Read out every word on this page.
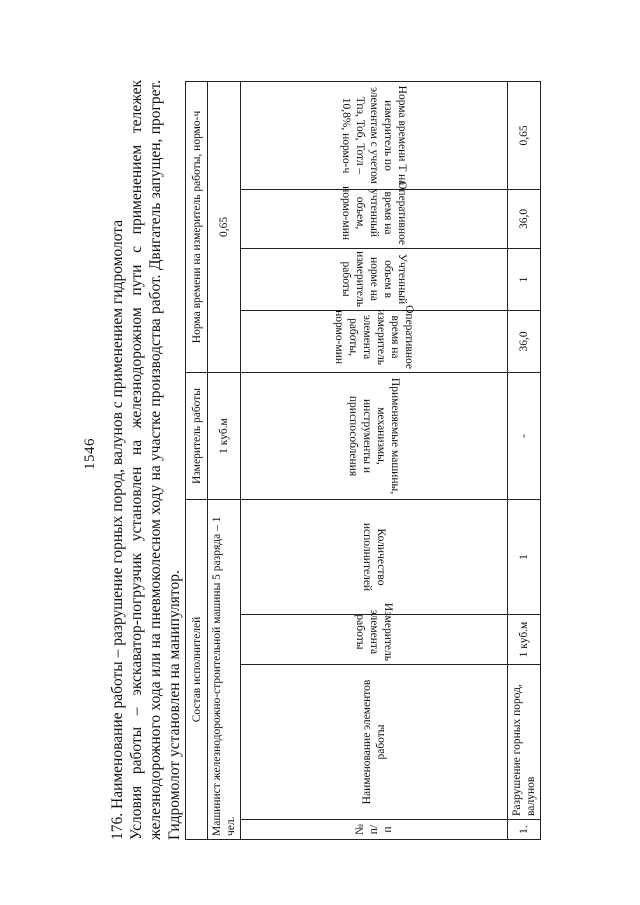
1546 176. Наименование работы – разрушение горных пород, валунов с применением гидромолота Условия работы – экскаватор-погрузчик установлен на железнодорожном пути с применением тележек железнодорожного хода или на пневмоколесном ходу на участке производства работ. Двигатель запущен, прогрет. Гидромолот установлен на манипулятор. Состав исполнителей				Измеритель работы	Норма времени на измеритель работы, нормо-ч			
Машинист железнодорожно-строительной машины 5 разряда – 1 чел.				1 куб.м	0,65			
№ п/п	Наименование элементов работы	Измеритель элемента работы	Количество исполнителей	Применяемые машины, механизмы, инструменты и приспособления	Оперативное время на измеритель элемента работы, нормо-мин	Учтенный объем в норме на измеритель работы	Оперативное время на учтенный объем, нормо-мин	Норма времени T на измеритель по элементам с учетом Тпз, Тоб, Тотл – 10,8%, нормо-ч
1.	Разрушение горных пород, валунов	1 куб.м	1	-	36,0	1	36,0	0,65
